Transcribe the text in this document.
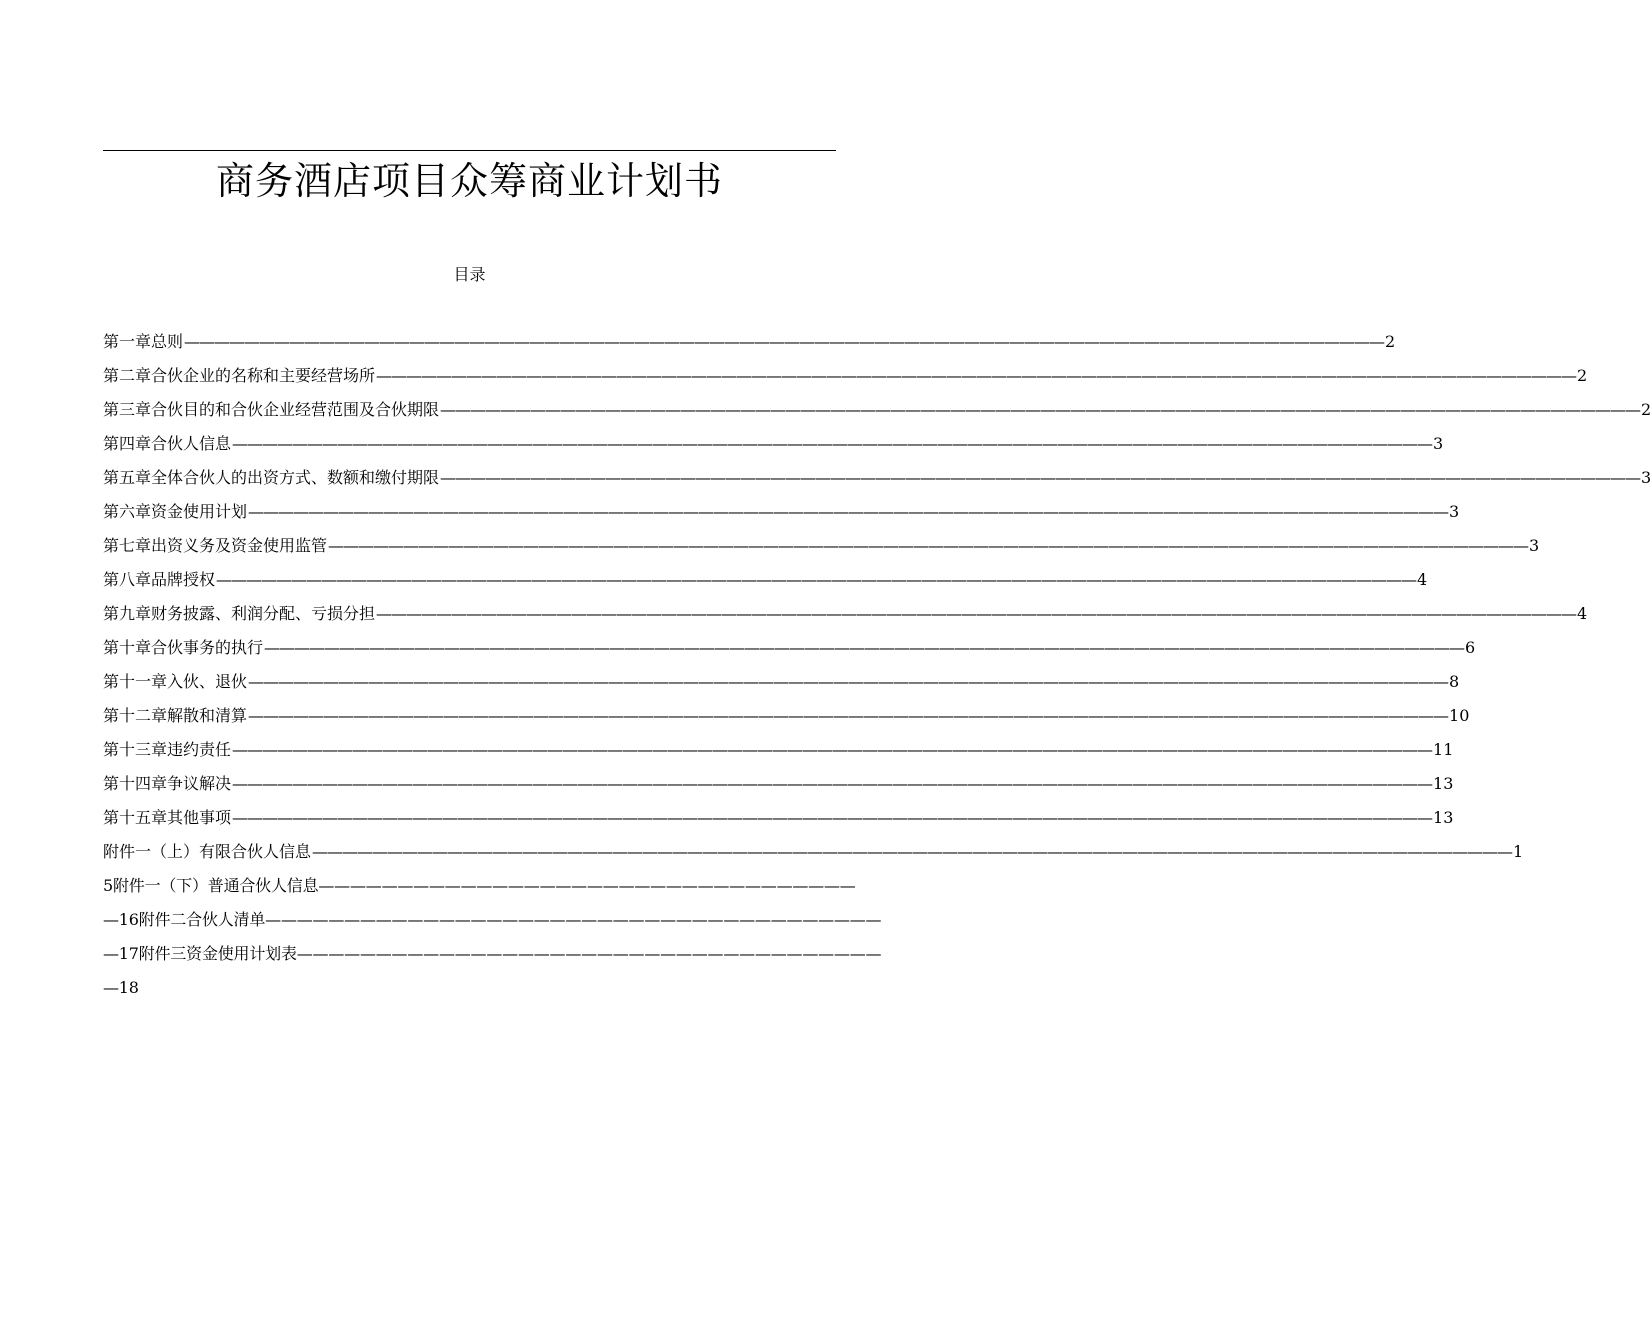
商务酒店项目众筹商业计划书
目录
第一章总则 ———————————————————————————————————————————————————————————————————————————————— 2
第二章合伙企业的名称和主要经营场所 ———————————————————————————————————————————————————————————————————————————————— 2
第三章合伙目的和合伙企业经营范围及合伙期限 ———————————————————————————————————————————————————————————————————————————————— 2
第四章合伙人信息 ———————————————————————————————————————————————————————————————————————————————— 3
第五章全体合伙人的出资方式、数额和缴付期限 ———————————————————————————————————————————————————————————————————————————————— 3
第六章资金使用计划 ———————————————————————————————————————————————————————————————————————————————— 3
第七章出资义务及资金使用监管 ———————————————————————————————————————————————————————————————————————————————— 3
第八章品牌授权 ———————————————————————————————————————————————————————————————————————————————— 4
第九章财务披露、利润分配、亏损分担 ———————————————————————————————————————————————————————————————————————————————— 4
第十章合伙事务的执行 ———————————————————————————————————————————————————————————————————————————————— 6
第十一章入伙、退伙 ———————————————————————————————————————————————————————————————————————————————— 8
第十二章解散和清算 ———————————————————————————————————————————————————————————————————————————————— 10
第十三章违约责任 ———————————————————————————————————————————————————————————————————————————————— 11
第十四章争议解决 ———————————————————————————————————————————————————————————————————————————————— 13
第十五章其他事项 ———————————————————————————————————————————————————————————————————————————————— 13
附件一（上）有限合伙人信息 ———————————————————————————————————————————————————————————————————————————————— 1
5附件一（下）普通合伙人信息——————————————————————————————————
—16附件二合伙人清单———————————————————————————————————————
—17附件三资金使用计划表—————————————————————————————————————
—18
